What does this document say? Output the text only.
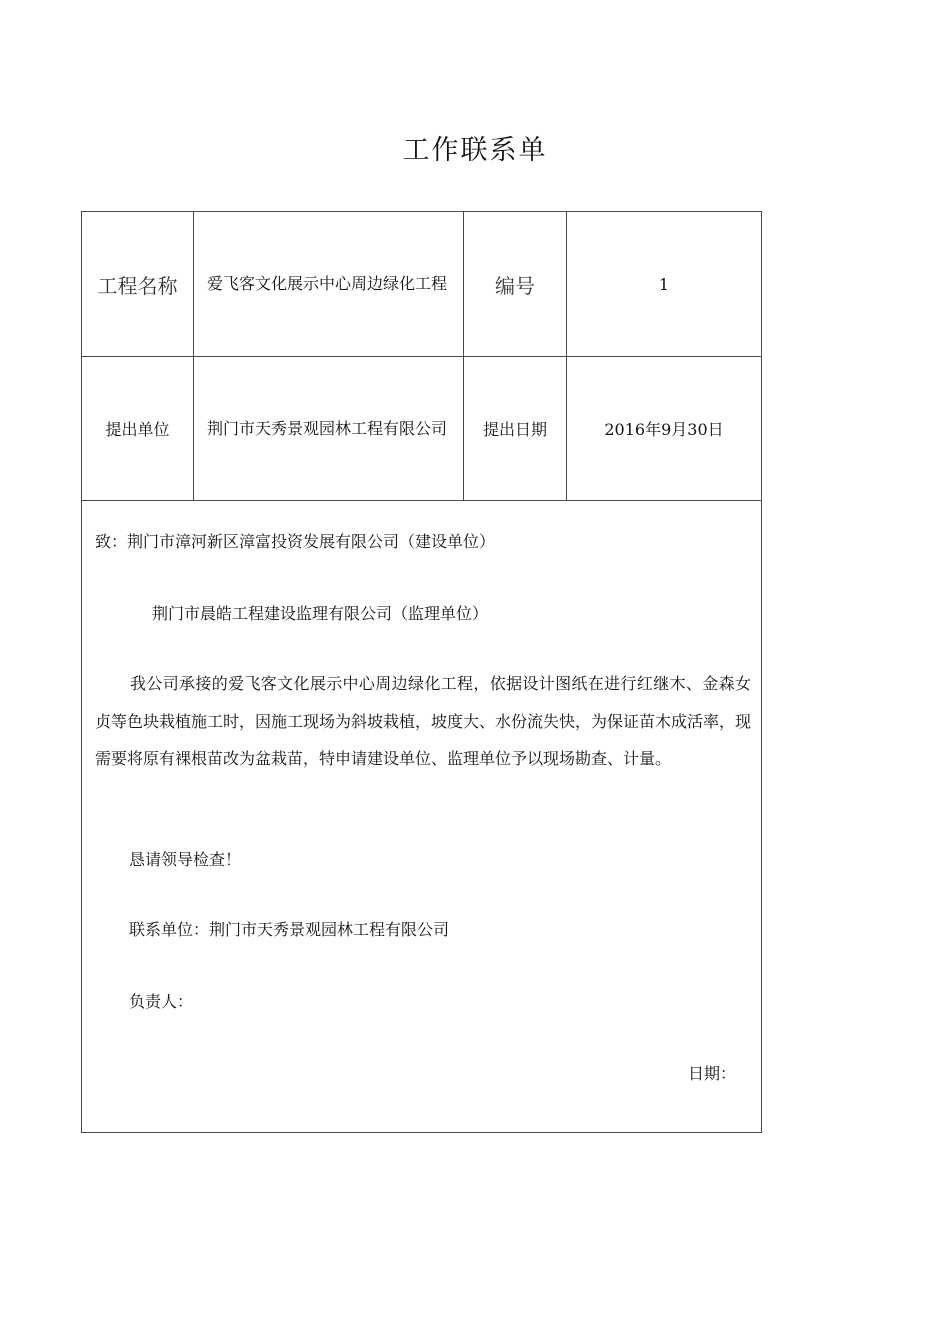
工作联系单
工程名称	爱飞客文化展示中心周边绿化工程	编号	1
提出单位	荆门市天秀景观园林工程有限公司	提出日期	2016年9月30日
致：荆门市漳河新区漳富投资发展有限公司（建设单位）
荆门市晨皓工程建设监理有限公司（监理单位）
我公司承接的爱飞客文化展示中心周边绿化工程，依据设计图纸在进行红继木、金森女贞等色块栽植施工时，因施工现场为斜坡栽植，坡度大、水份流失快，为保证苗木成活率，现需要将原有裸根苗改为盆栽苗，特申请建设单位、监理单位予以现场勘查、计量。
恳请领导检查！
联系单位：荆门市天秀景观园林工程有限公司
负责人：
日期：
